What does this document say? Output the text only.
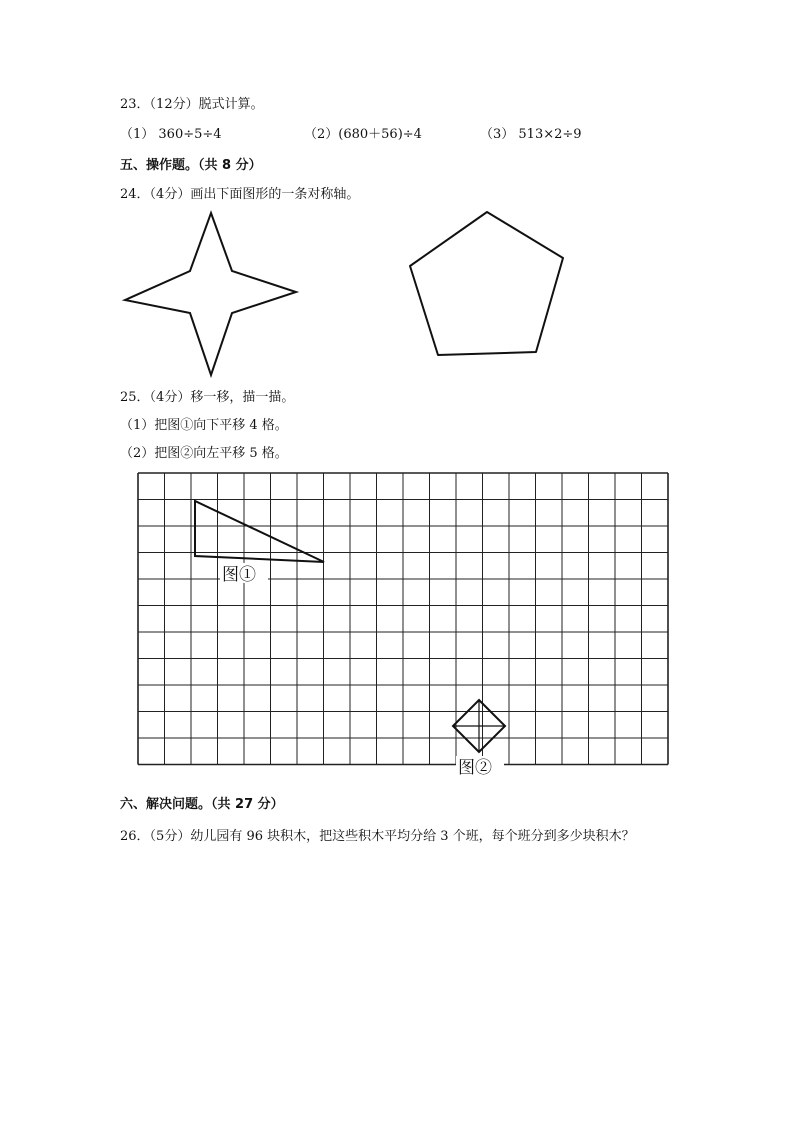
23．（12分）脱式计算。
（1） 360÷5÷4	（2）(680＋56)÷4	（3） 513×2÷9
五、操作题。（共 8 分）
24．（4分）画出下面图形的一条对称轴。
25．（4分）移一移，描一描。
（1）把图①向下平移 4 格。
（2）把图②向左平移 5 格。
图①
图②
六、解决问题。（共 27 分）
26．（5分）幼儿园有 96 块积木，把这些积木平均分给 3 个班，每个班分到多少块积木？
